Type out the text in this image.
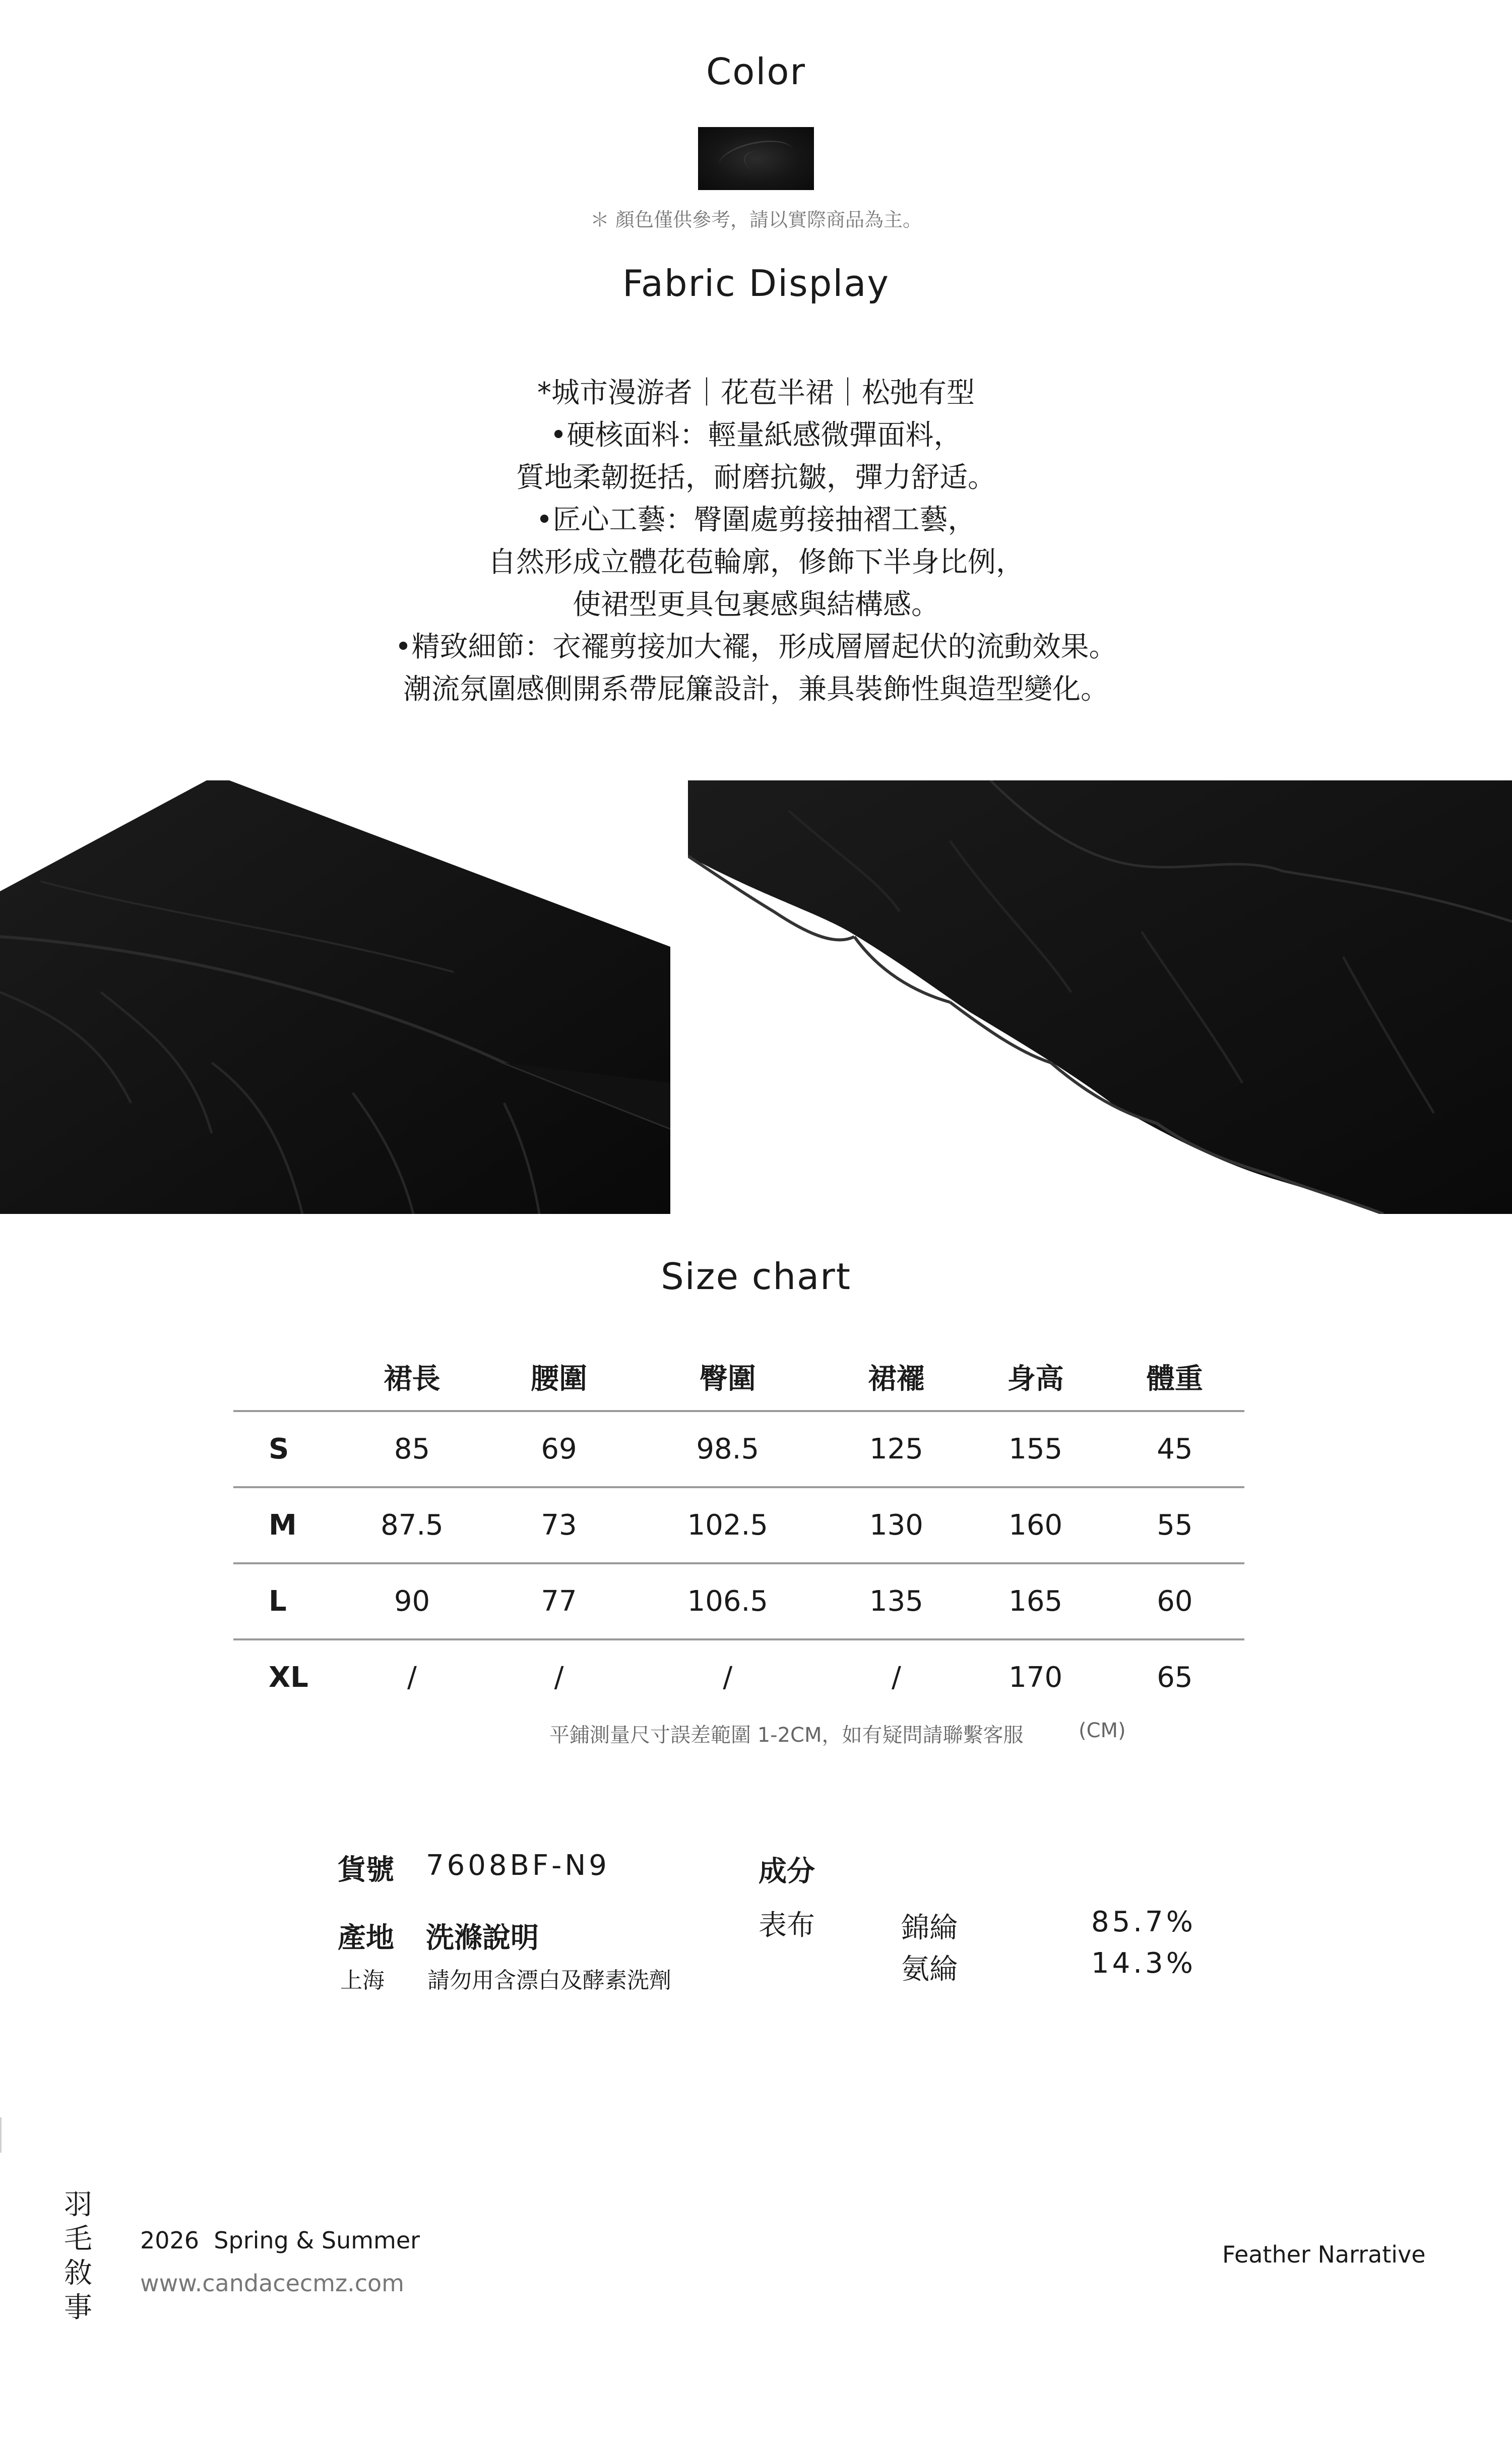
Color
＊ 顏色僅供參考，請以實際商品為主。
Fabric Display
*城市漫游者｜花苞半裙｜松弛有型
•硬核面料：輕量紙感微彈面料，
質地柔韌挺括，耐磨抗皺，彈力舒适。
•匠心工藝：臀圍處剪接抽褶工藝，
自然形成立體花苞輪廓，修飾下半身比例，
使裙型更具包裹感與結構感。
•精致細節：衣襬剪接加大襬，形成層層起伏的流動效果。
潮流氛圍感側開系帶屁簾設計，兼具裝飾性與造型變化。
Size chart
	裙長	腰圍	臀圍	裙襬	身高	體重
S	85	69	98.5	125	155	45
M	87.5	73	102.5	130	160	55
L	90	77	106.5	135	165	60
XL	/	/	/	/	170	65
平鋪測量尺寸誤差範圍 1-2CM，如有疑問請聯繫客服	(CM)
貨號 7608BF-N9
產地 洗滌說明
上海 請勿用含漂白及酵素洗劑
成分
表布	錦綸	85.7%
氨綸	14.3%
羽
毛
敘
事
2026  Spring & Summer
www.candacecmz.com
Feather Narrative
